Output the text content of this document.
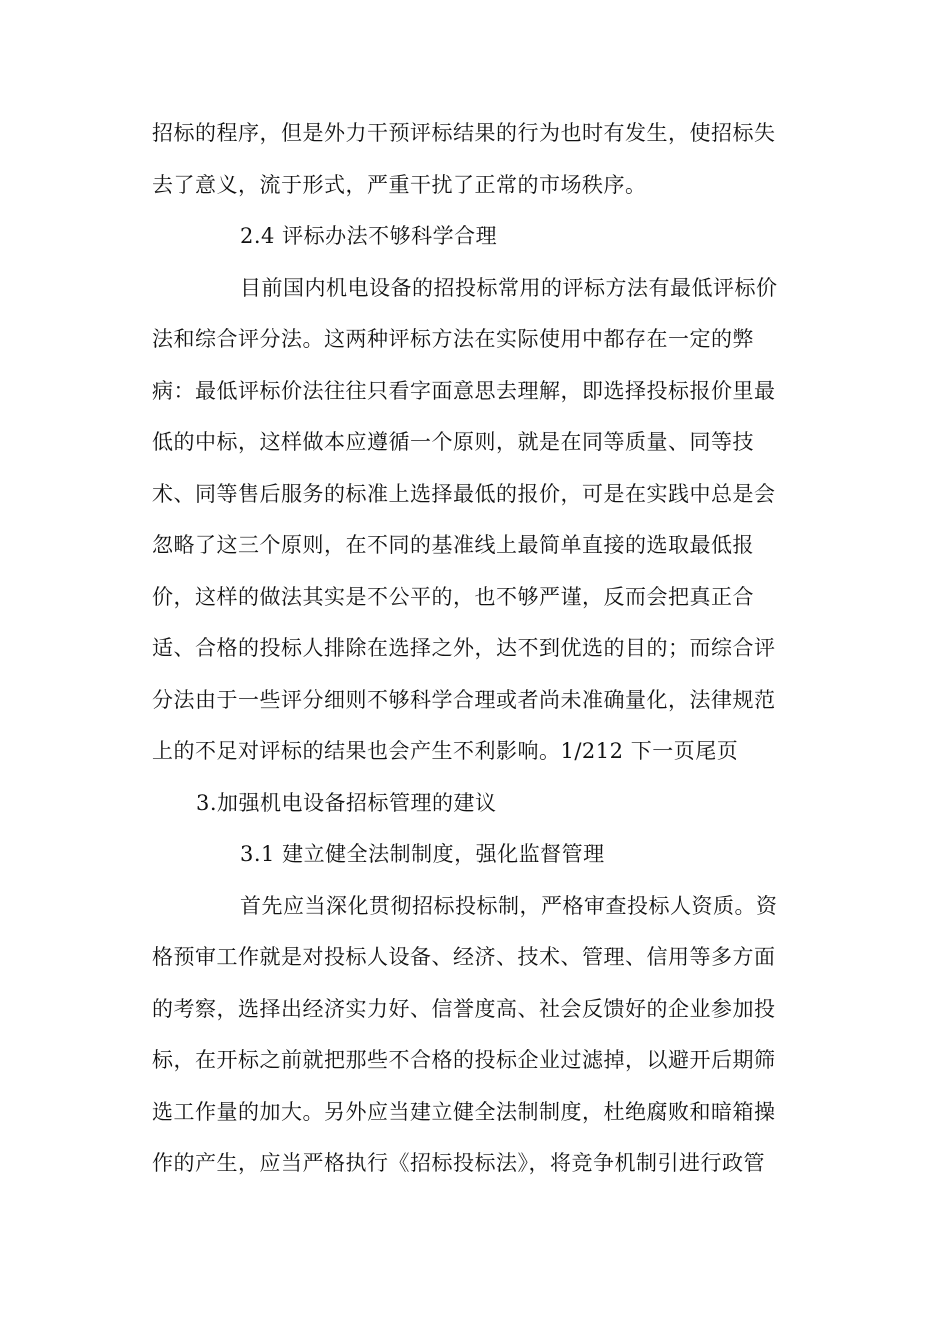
招标的程序，但是外力干预评标结果的行为也时有发生，使招标失
去了意义，流于形式，严重干扰了正常的市场秩序。
2.4 评标办法不够科学合理
目前国内机电设备的招投标常用的评标方法有最低评标价
法和综合评分法。这两种评标方法在实际使用中都存在一定的弊
病：最低评标价法往往只看字面意思去理解，即选择投标报价里最
低的中标，这样做本应遵循一个原则，就是在同等质量、同等技
术、同等售后服务的标准上选择最低的报价，可是在实践中总是会
忽略了这三个原则，在不同的基准线上最简单直接的选取最低报
价，这样的做法其实是不公平的，也不够严谨，反而会把真正合
适、合格的投标人排除在选择之外，达不到优选的目的；而综合评
分法由于一些评分细则不够科学合理或者尚未准确量化，法律规范
上的不足对评标的结果也会产生不利影响。1/212 下一页尾页
3.加强机电设备招标管理的建议
3.1 建立健全法制制度，强化监督管理
首先应当深化贯彻招标投标制，严格审查投标人资质。资
格预审工作就是对投标人设备、经济、技术、管理、信用等多方面
的考察，选择出经济实力好、信誉度高、社会反馈好的企业参加投
标，在开标之前就把那些不合格的投标企业过滤掉，以避开后期筛
选工作量的加大。另外应当建立健全法制制度，杜绝腐败和暗箱操
作的产生，应当严格执行《招标投标法》，将竞争机制引进行政管
